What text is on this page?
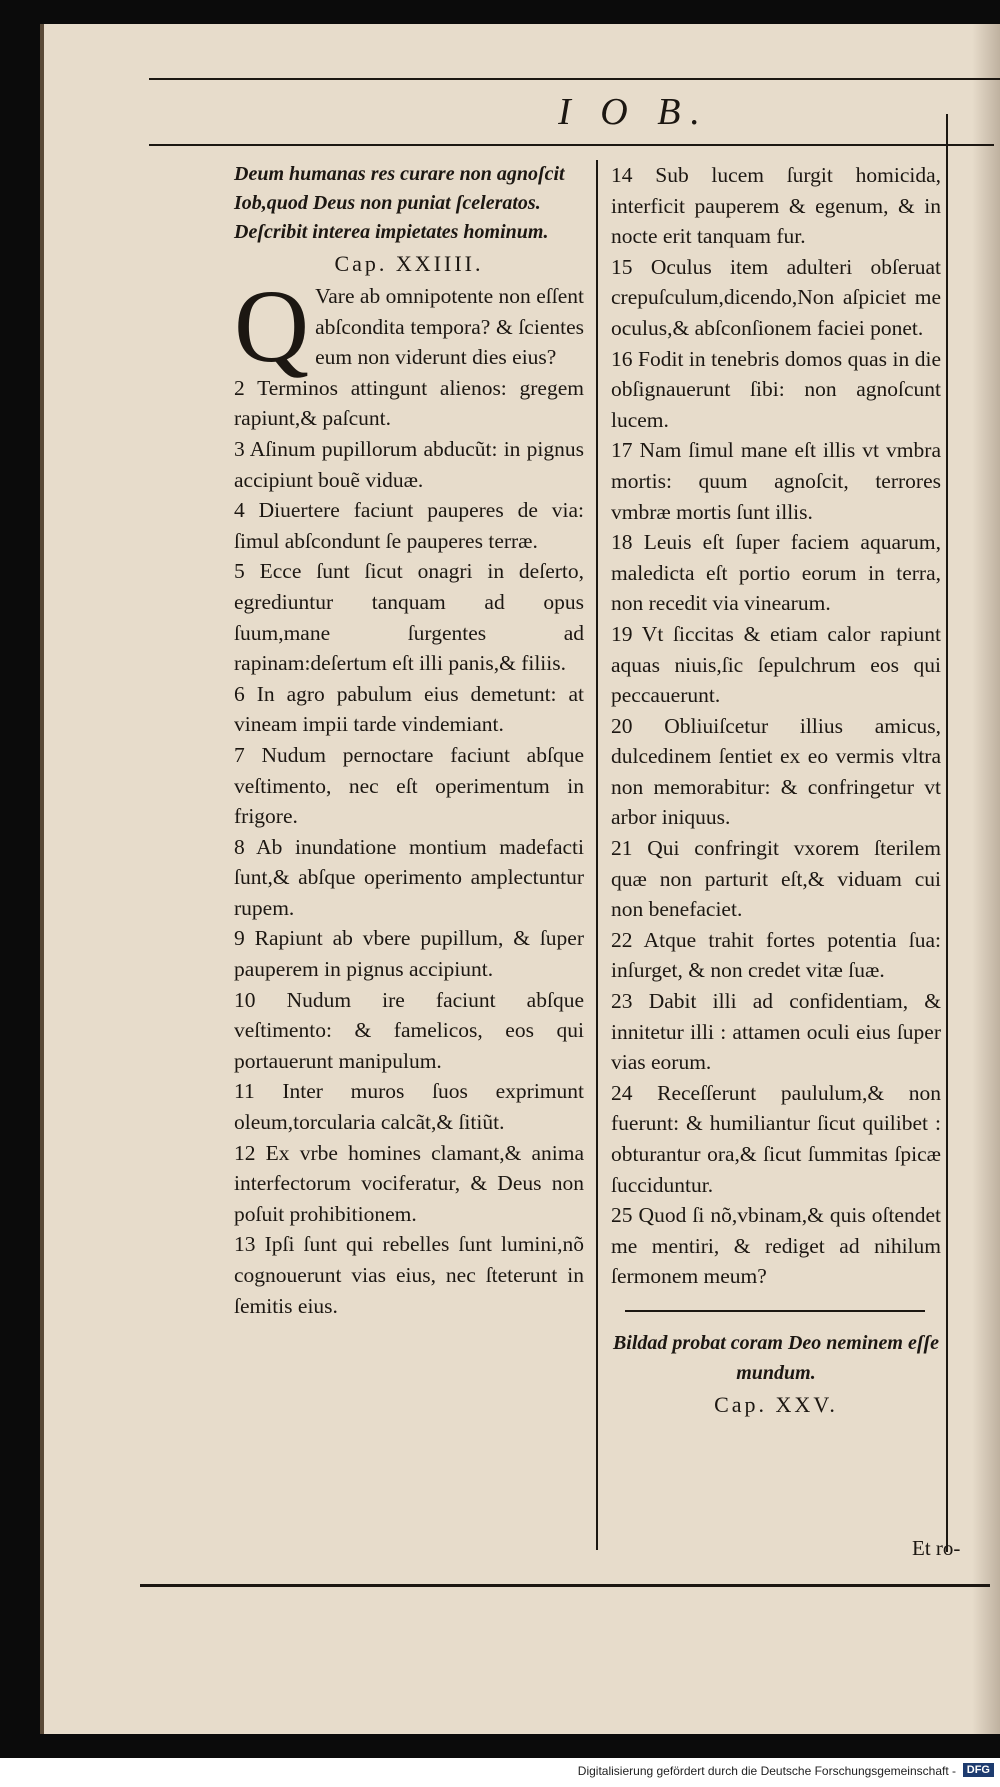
I O B.

Deum humanas res curare non agnoſcit Iob,quod Deus non puniat ſceleratos. Deſcribit interea impietates hominum.

Cap. XXIIII.

Q Vare ab omnipotente non eſſent abſcondita tempora? & ſcientes eum non viderunt dies eius?

2 Terminos attingunt alienos: gregem rapiunt,& paſcunt.

3 Aſinum pupillorum abducũt: in pignus accipiunt bouẽ viduæ.

4 Diuertere faciunt pauperes de via: ſimul abſcondunt ſe pauperes terræ.

5 Ecce ſunt ſicut onagri in deſerto, egrediuntur tanquam ad opus ſuum,mane ſurgentes ad rapinam:deſertum eſt illi panis,& filiis.

6 In agro pabulum eius demetunt: at vineam impii tarde vindemiant.

7 Nudum pernoctare faciunt abſque veſtimento, nec eſt operimentum in frigore.

8 Ab inundatione montium madefacti ſunt,& abſque operimento amplectuntur rupem.

9 Rapiunt ab vbere pupillum, & ſuper pauperem in pignus accipiunt.

10 Nudum ire faciunt abſque veſtimento: & famelicos, eos qui portauerunt manipulum.

11 Inter muros ſuos exprimunt oleum,torcularia calcãt,& ſitiũt.

12 Ex vrbe homines clamant,& anima interfectorum vociferatur, & Deus non poſuit prohibitionem.

13 Ipſi ſunt qui rebelles ſunt lumini,nõ cognouerunt vias eius, nec ſteterunt in ſemitis eius.

14 Sub lucem ſurgit homicida, interficit pauperem & egenum, & in nocte erit tanquam fur.

15 Oculus item adulteri obſeruat crepuſculum,dicendo,Non aſpiciet me oculus,& abſconſionem faciei ponet.

16 Fodit in tenebris domos quas in die obſignauerunt ſibi: non agnoſcunt lucem.

17 Nam ſimul mane eſt illis vt vmbra mortis: quum agnoſcit, terrores vmbræ mortis ſunt illis.

18 Leuis eſt ſuper faciem aquarum, maledicta eſt portio eorum in terra, non recedit via vinearum.

19 Vt ſiccitas & etiam calor rapiunt aquas niuis,ſic ſepulchrum eos qui peccauerunt.

20 Obliuiſcetur illius amicus, dulcedinem ſentiet ex eo vermis vltra non memorabitur: & confringetur vt arbor iniquus.

21 Qui confringit vxorem ſterilem quæ non parturit eſt,& viduam cui non benefaciet.

22 Atque trahit fortes potentia ſua: inſurget, & non credet vitæ ſuæ.

23 Dabit illi ad confidentiam, & innitetur illi : attamen oculi eius ſuper vias eorum.

24 Receſſerunt paululum,& non fuerunt: & humiliantur ſicut quilibet : obturantur ora,& ſicut ſummitas ſpicæ ſucciduntur.

25 Quod ſi nõ,vbinam,& quis oſtendet me mentiri, & rediget ad nihilum ſermonem meum?

Bildad probat coram Deo neminem eſſe mundum.

Cap. XXV.

Et ro-
Digitalisierung gefördert durch die Deutsche Forschungsgemeinschaft - DFG
